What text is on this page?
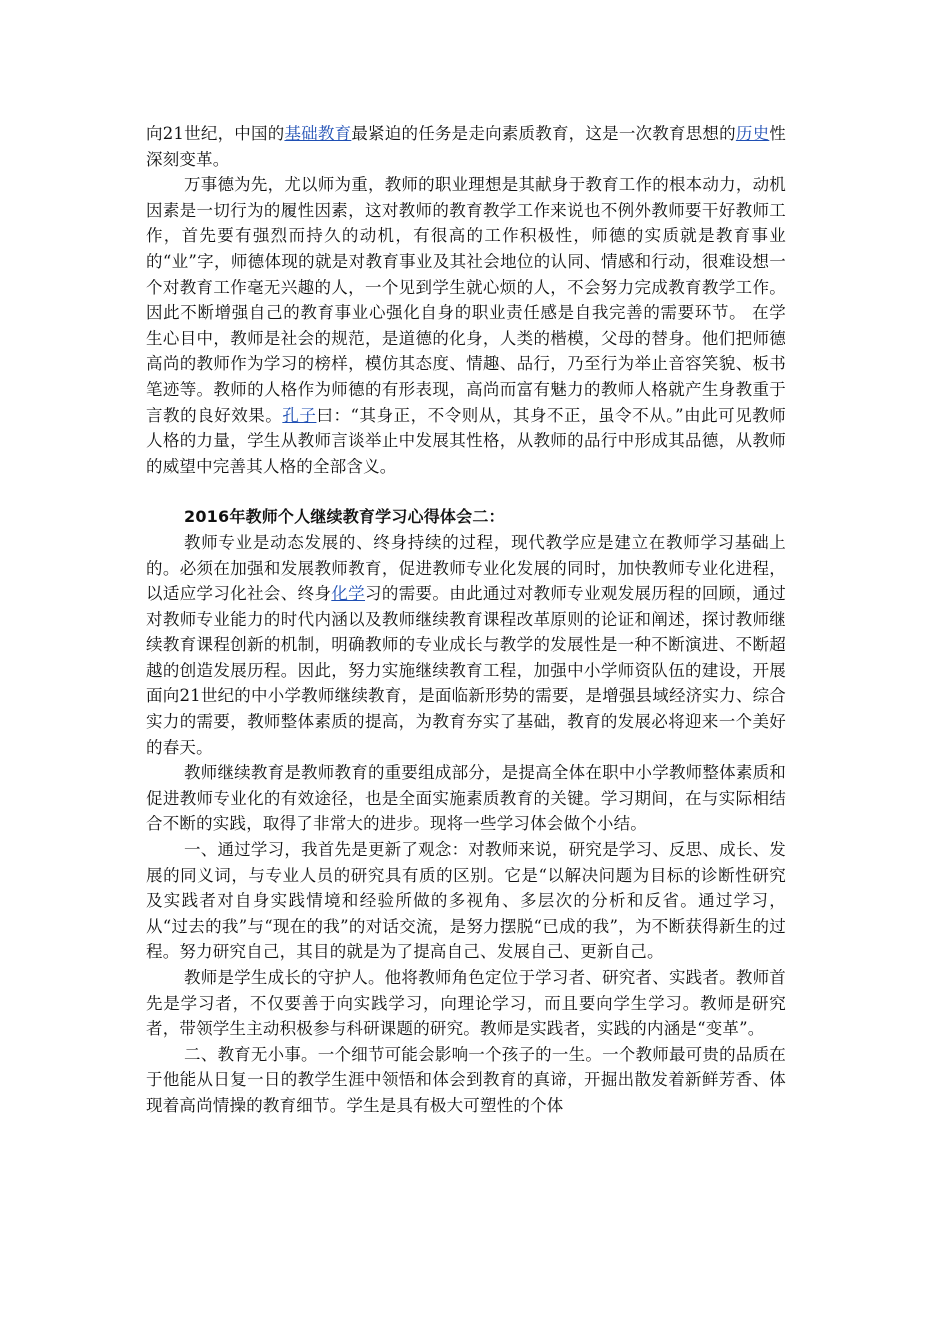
向21世纪，中国的基础教育最紧迫的任务是走向素质教育，这是一次教育思想的历史性深刻变革。

万事德为先，尤以师为重，教师的职业理想是其献身于教育工作的根本动力，动机因素是一切行为的履性因素，这对教师的教育教学工作来说也不例外教师要干好教师工作，首先要有强烈而持久的动机，有很高的工作积极性，师德的实质就是教育事业的“业”字，师德体现的就是对教育事业及其社会地位的认同、情感和行动，很难设想一个对教育工作毫无兴趣的人，一个见到学生就心烦的人，不会努力完成教育教学工作。因此不断增强自己的教育事业心强化自身的职业责任感是自我完善的需要环节。 在学生心目中，教师是社会的规范，是道德的化身，人类的楷模，父母的替身。他们把师德高尚的教师作为学习的榜样，模仿其态度、情趣、品行，乃至行为举止音容笑貌、板书笔迹等。教师的人格作为师德的有形表现，高尚而富有魅力的教师人格就产生身教重于言教的良好效果。孔子曰：“其身正，不令则从，其身不正，虽令不从。”由此可见教师人格的力量，学生从教师言谈举止中发展其性格，从教师的品行中形成其品德，从教师的威望中完善其人格的全部含义。

2016年教师个人继续教育学习心得体会二：

教师专业是动态发展的、终身持续的过程，现代教学应是建立在教师学习基础上的。必须在加强和发展教师教育，促进教师专业化发展的同时，加快教师专业化进程，以适应学习化社会、终身化学习的需要。由此通过对教师专业观发展历程的回顾，通过对教师专业能力的时代内涵以及教师继续教育课程改革原则的论证和阐述，探讨教师继续教育课程创新的机制，明确教师的专业成长与教学的发展性是一种不断演进、不断超越的创造发展历程。因此，努力实施继续教育工程，加强中小学师资队伍的建设，开展面向21世纪的中小学教师继续教育，是面临新形势的需要，是增强县域经济实力、综合实力的需要，教师整体素质的提高，为教育夯实了基础，教育的发展必将迎来一个美好的春天。

教师继续教育是教师教育的重要组成部分，是提高全体在职中小学教师整体素质和促进教师专业化的有效途径，也是全面实施素质教育的关键。学习期间，在与实际相结合不断的实践，取得了非常大的进步。现将一些学习体会做个小结。

一、通过学习，我首先是更新了观念：对教师来说，研究是学习、反思、成长、发展的同义词，与专业人员的研究具有质的区别。它是“以解决问题为目标的诊断性研究及实践者对自身实践情境和经验所做的多视角、多层次的分析和反省。通过学习，从“过去的我”与“现在的我”的对话交流，是努力摆脱“已成的我”，为不断获得新生的过程。努力研究自己，其目的就是为了提高自己、发展自己、更新自己。

教师是学生成长的守护人。他将教师角色定位于学习者、研究者、实践者。教师首先是学习者，不仅要善于向实践学习，向理论学习，而且要向学生学习。教师是研究者，带领学生主动积极参与科研课题的研究。教师是实践者，实践的内涵是“变革”。

二、教育无小事。一个细节可能会影响一个孩子的一生。一个教师最可贵的品质在于他能从日复一日的教学生涯中领悟和体会到教育的真谛，开掘出散发着新鲜芳香、体现着高尚情操的教育细节。学生是具有极大可塑性的个体
